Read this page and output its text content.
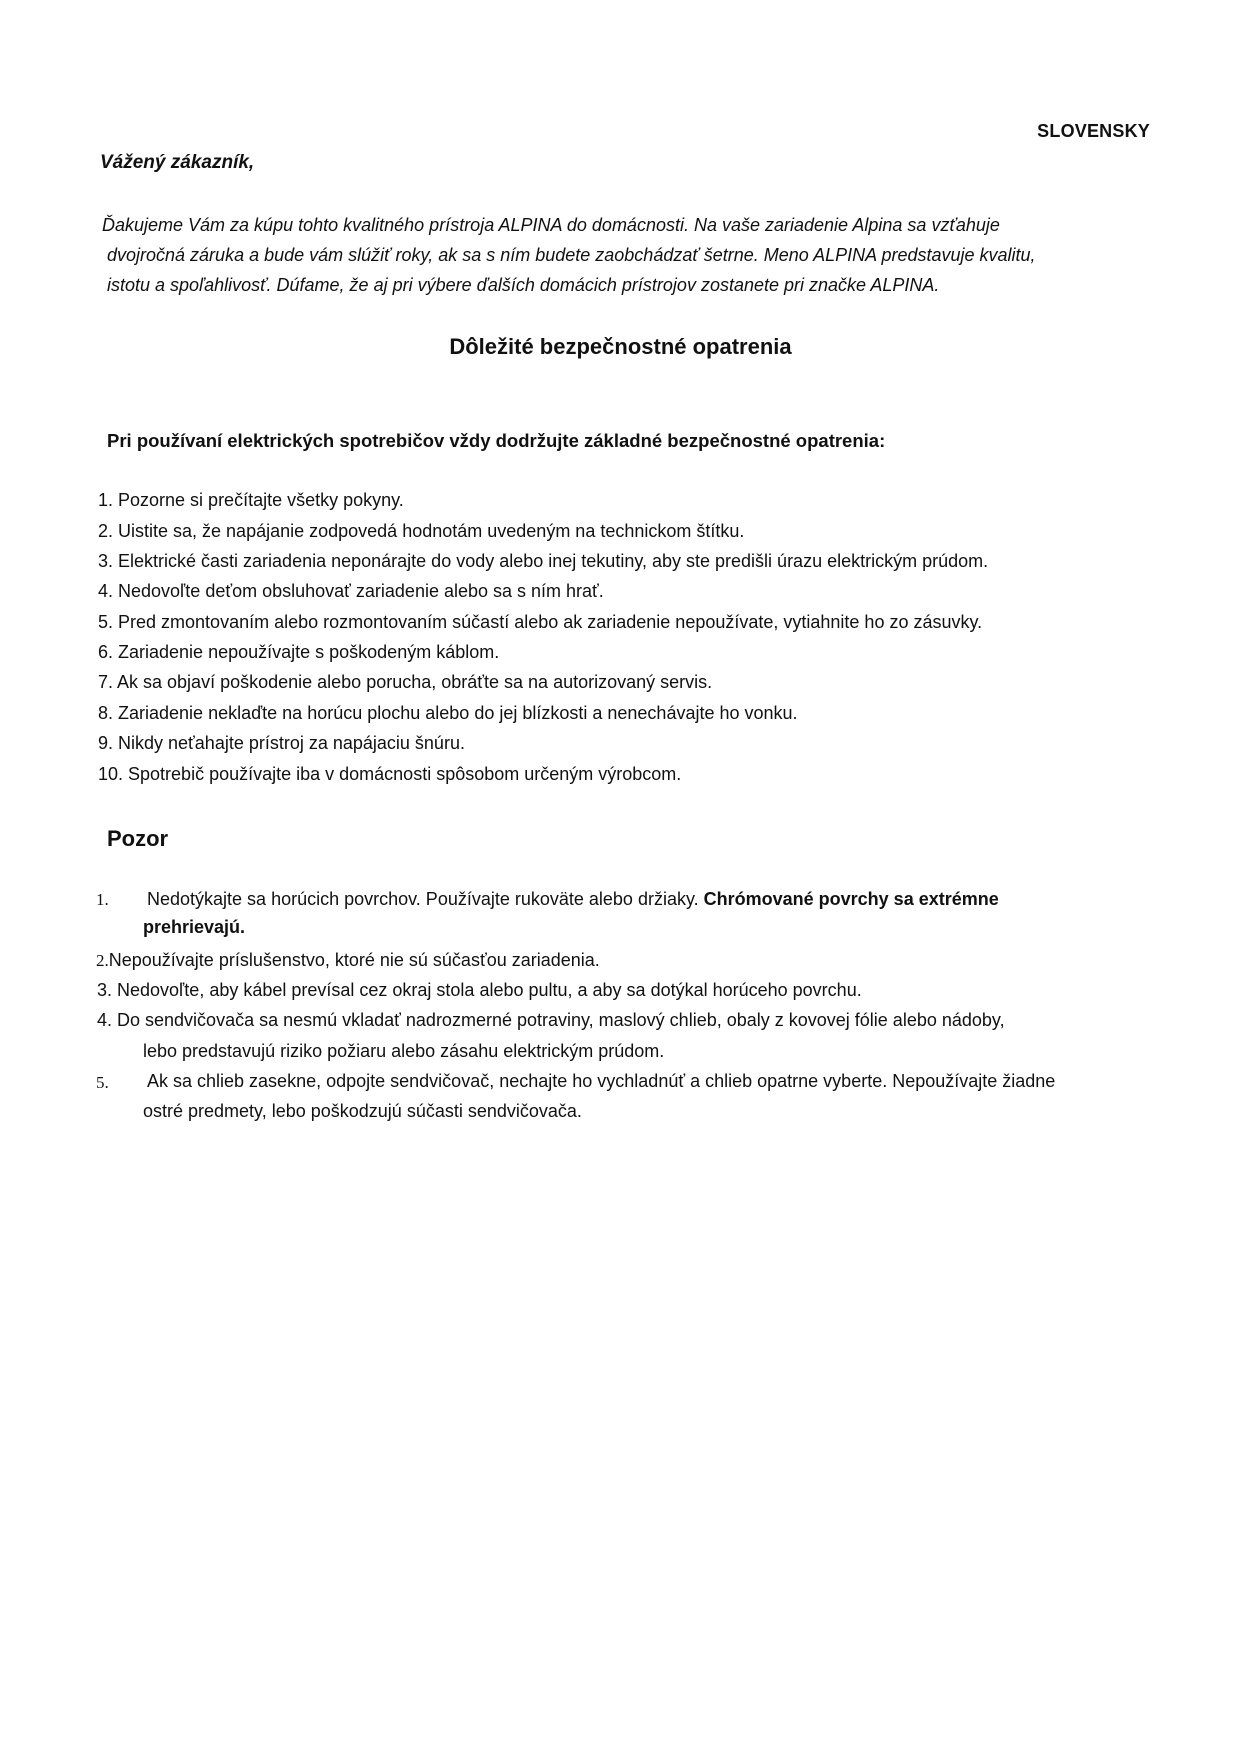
SLOVENSKY
Vážený zákazník,
Ďakujeme Vám za kúpu tohto kvalitného prístroja ALPINA do domácnosti. Na vaše zariadenie Alpina sa vzťahuje
dvojročná záruka a bude vám slúžiť roky, ak sa s ním budete zaobchádzať šetrne. Meno ALPINA predstavuje kvalitu,
istotu a spoľahlivosť. Dúfame, že aj pri výbere ďalších domácich prístrojov zostanete pri značke ALPINA.
Dôležité bezpečnostné opatrenia
Pri používaní elektrických spotrebičov vždy dodržujte základné bezpečnostné opatrenia:
1. Pozorne si prečítajte všetky pokyny.
2. Uistite sa, že napájanie zodpovedá hodnotám uvedeným na technickom štítku.
3. Elektrické časti zariadenia neponárajte do vody alebo inej tekutiny, aby ste predišli úrazu elektrickým prúdom.
4. Nedovoľte deťom obsluhovať zariadenie alebo sa s ním hrať.
5. Pred zmontovaním alebo rozmontovaním súčastí alebo ak zariadenie nepoužívate, vytiahnite ho zo zásuvky.
6. Zariadenie nepoužívajte s poškodeným káblom.
7. Ak sa objaví poškodenie alebo porucha, obráťte sa na autorizovaný servis.
8. Zariadenie neklaďte na horúcu plochu alebo do jej blízkosti a nenechávajte ho vonku.
9. Nikdy neťahajte prístroj za napájaciu šnúru.
10. Spotrebič používajte iba v domácnosti spôsobom určeným výrobcom.
Pozor
1. Nedotýkajte sa horúcich povrchov. Používajte rukoväte alebo držiaky. Chrómované povrchy sa extrémne
prehrievajú.
2.Nepoužívajte príslušenstvo, ktoré nie sú súčasťou zariadenia.
3. Nedovoľte, aby kábel prevísal cez okraj stola alebo pultu, a aby sa dotýkal horúceho povrchu.
4. Do sendvičovača sa nesmú vkladať nadrozmerné potraviny, maslový chlieb, obaly z kovovej fólie alebo nádoby,
lebo predstavujú riziko požiaru alebo zásahu elektrickým prúdom.
5. Ak sa chlieb zasekne, odpojte sendvičovač, nechajte ho vychladnúť a chlieb opatrne vyberte. Nepoužívajte žiadne
ostré predmety, lebo poškodzujú súčasti sendvičovača.
